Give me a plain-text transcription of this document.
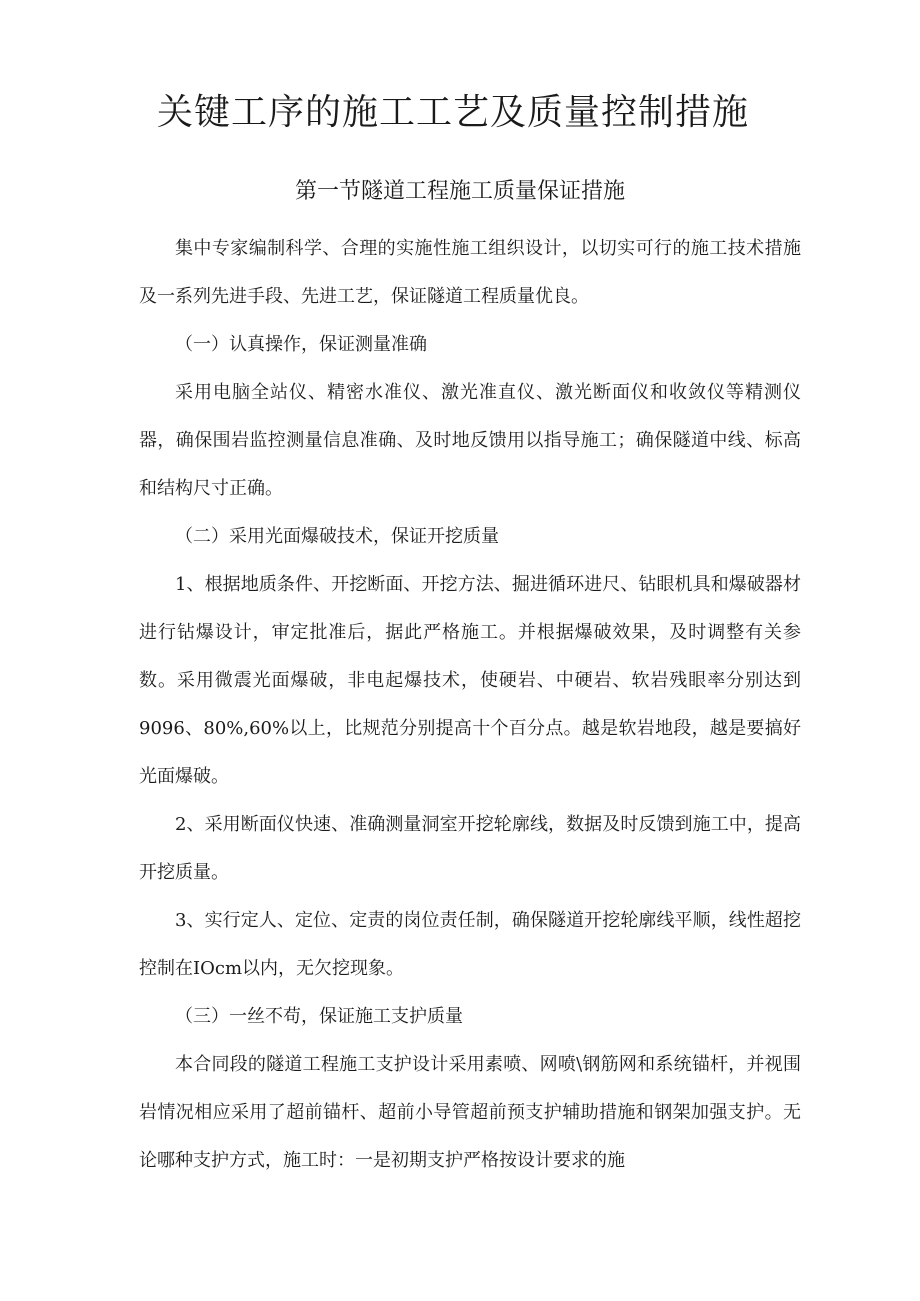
关键工序的施工工艺及质量控制措施
第一节隧道工程施工质量保证措施

集中专家编制科学、合理的实施性施工组织设计，以切实可行的施工技术措施及一系列先进手段、先进工艺，保证隧道工程质量优良。

（一）认真操作，保证测量准确

采用电脑全站仪、精密水准仪、激光准直仪、激光断面仪和收敛仪等精测仪器，确保围岩监控测量信息准确、及时地反馈用以指导施工；确保隧道中线、标高和结构尺寸正确。

（二）采用光面爆破技术，保证开挖质量

1、根据地质条件、开挖断面、开挖方法、掘进循环进尺、钻眼机具和爆破器材进行钻爆设计，审定批准后，据此严格施工。并根据爆破效果，及时调整有关参数。采用微震光面爆破，非电起爆技术，使硬岩、中硬岩、软岩残眼率分别达到9096、80%,60%以上，比规范分别提高十个百分点。越是软岩地段，越是要搞好光面爆破。

2、采用断面仪快速、准确测量洞室开挖轮廓线，数据及时反馈到施工中，提高开挖质量。

3、实行定人、定位、定责的岗位责任制，确保隧道开挖轮廓线平顺，线性超挖控制在IOcm以内，无欠挖现象。

（三）一丝不苟，保证施工支护质量

本合同段的隧道工程施工支护设计采用素喷、网喷\钢筋网和系统锚杆，并视围岩情况相应采用了超前锚杆、超前小导管超前预支护辅助措施和钢架加强支护。无论哪种支护方式，施工时：一是初期支护严格按设计要求的施
